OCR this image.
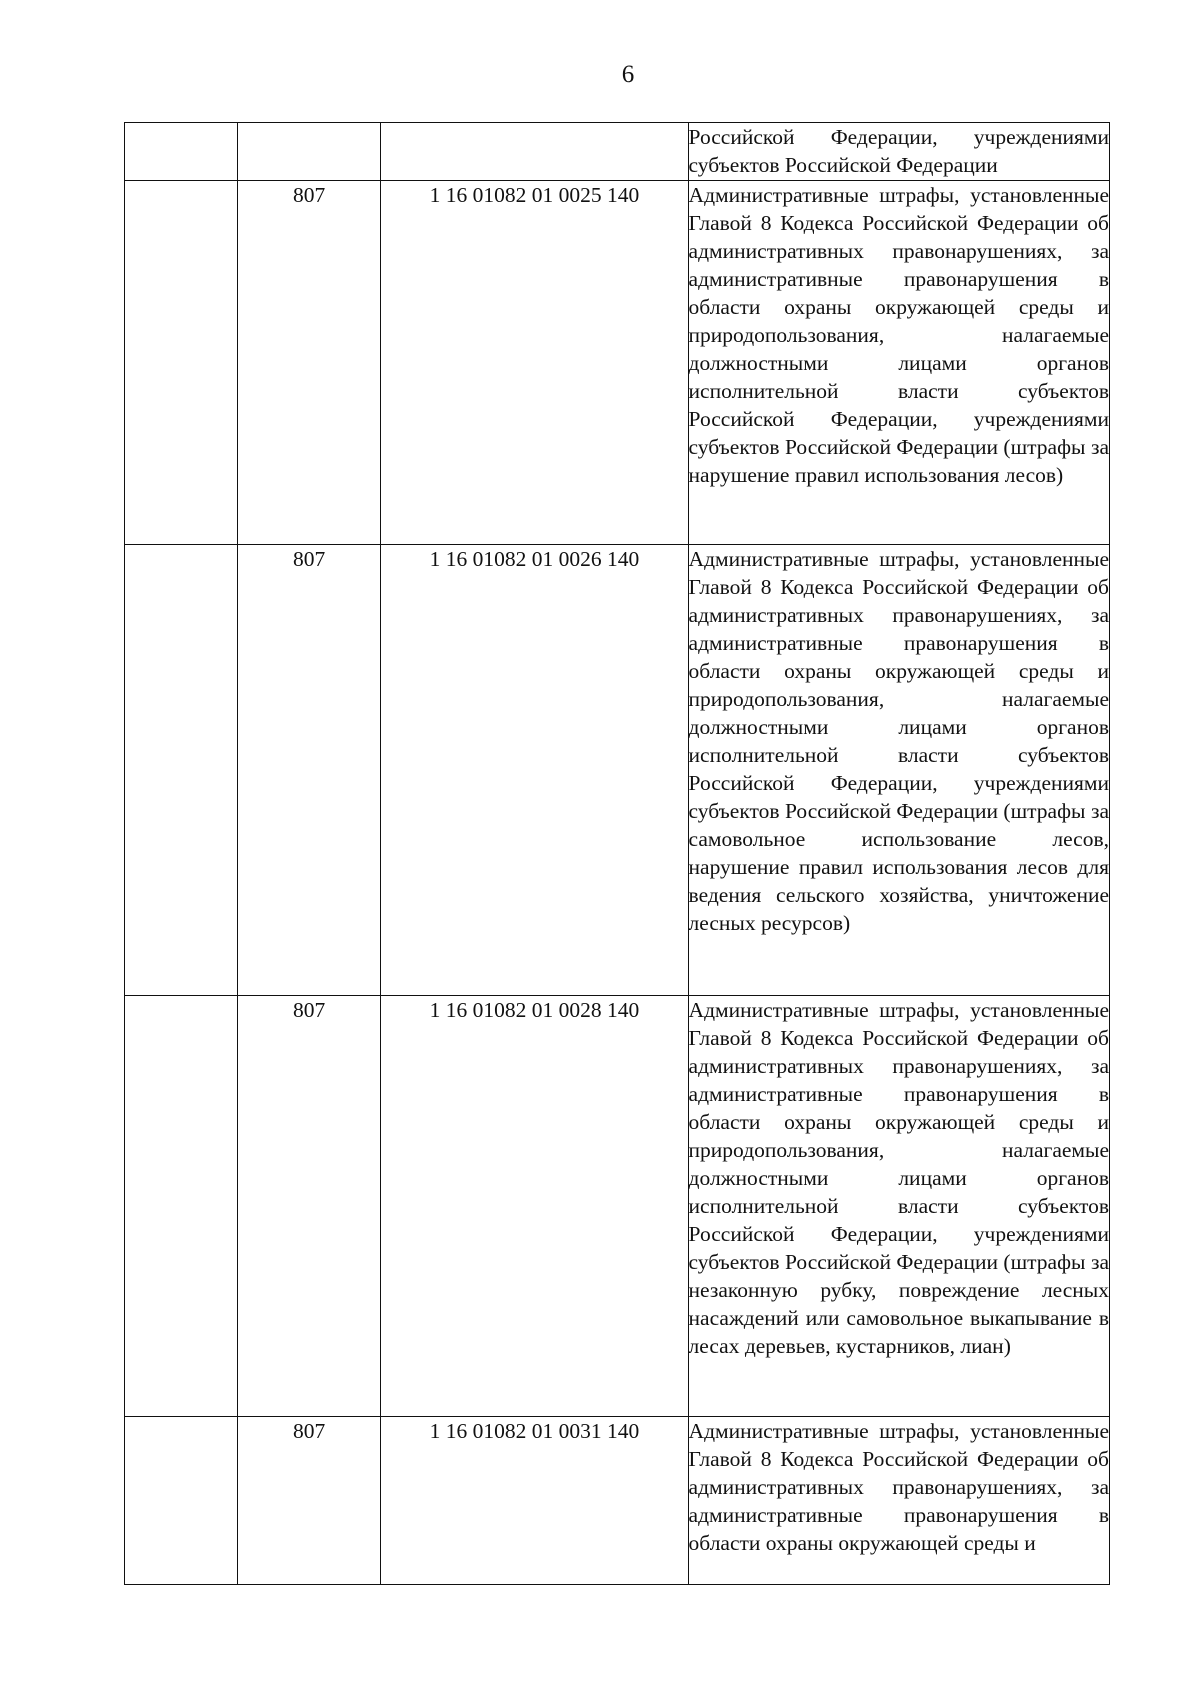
6
			Российской Федерации, учреждениями субъектов Российской Федерации
	807	1 16 01082 01 0025 140	Административные штрафы, установленные Главой 8 Кодекса Российской Федерации об административных правонарушениях, за административные правонарушения в области охраны окружающей среды и природопользования, налагаемые должностными лицами органов исполнительной власти субъектов Российской Федерации, учреждениями субъектов Российской Федерации (штрафы за нарушение правил использования лесов)
	807	1 16 01082 01 0026 140	Административные штрафы, установленные Главой 8 Кодекса Российской Федерации об административных правонарушениях, за административные правонарушения в области охраны окружающей среды и природопользования, налагаемые должностными лицами органов исполнительной власти субъектов Российской Федерации, учреждениями субъектов Российской Федерации (штрафы за самовольное использование лесов, нарушение правил использования лесов для ведения сельского хозяйства, уничтожение лесных ресурсов)
	807	1 16 01082 01 0028 140	Административные штрафы, установленные Главой 8 Кодекса Российской Федерации об административных правонарушениях, за административные правонарушения в области охраны окружающей среды и природопользования, налагаемые должностными лицами органов исполнительной власти субъектов Российской Федерации, учреждениями субъектов Российской Федерации (штрафы за незаконную рубку, повреждение лесных насаждений или самовольное выкапывание в лесах деревьев, кустарников, лиан)
	807	1 16 01082 01 0031 140	Административные штрафы, установленные Главой 8 Кодекса Российской Федерации об административных правонарушениях, за административные правонарушения в области охраны окружающей среды и
